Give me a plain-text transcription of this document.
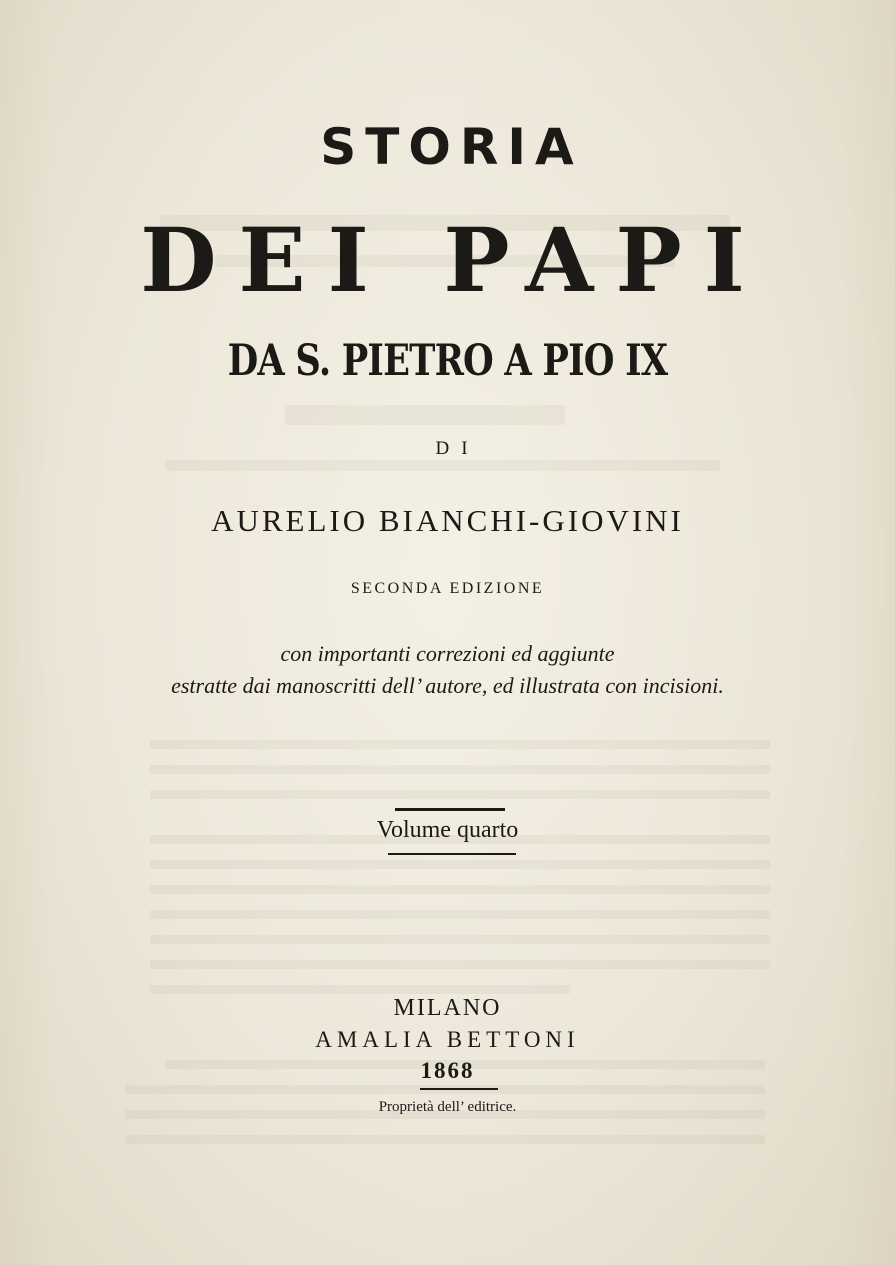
STORIA
DEI PAPI
DA S. PIETRO A PIO IX
DI
AURELIO BIANCHI-GIOVINI
SECONDA EDIZIONE
con importanti correzioni ed aggiunte
estratte dai manoscritti dell’ autore, ed illustrata con incisioni.
Volume quarto
MILANO
AMALIA BETTONI
1868
Proprietà dell’ editrice.
